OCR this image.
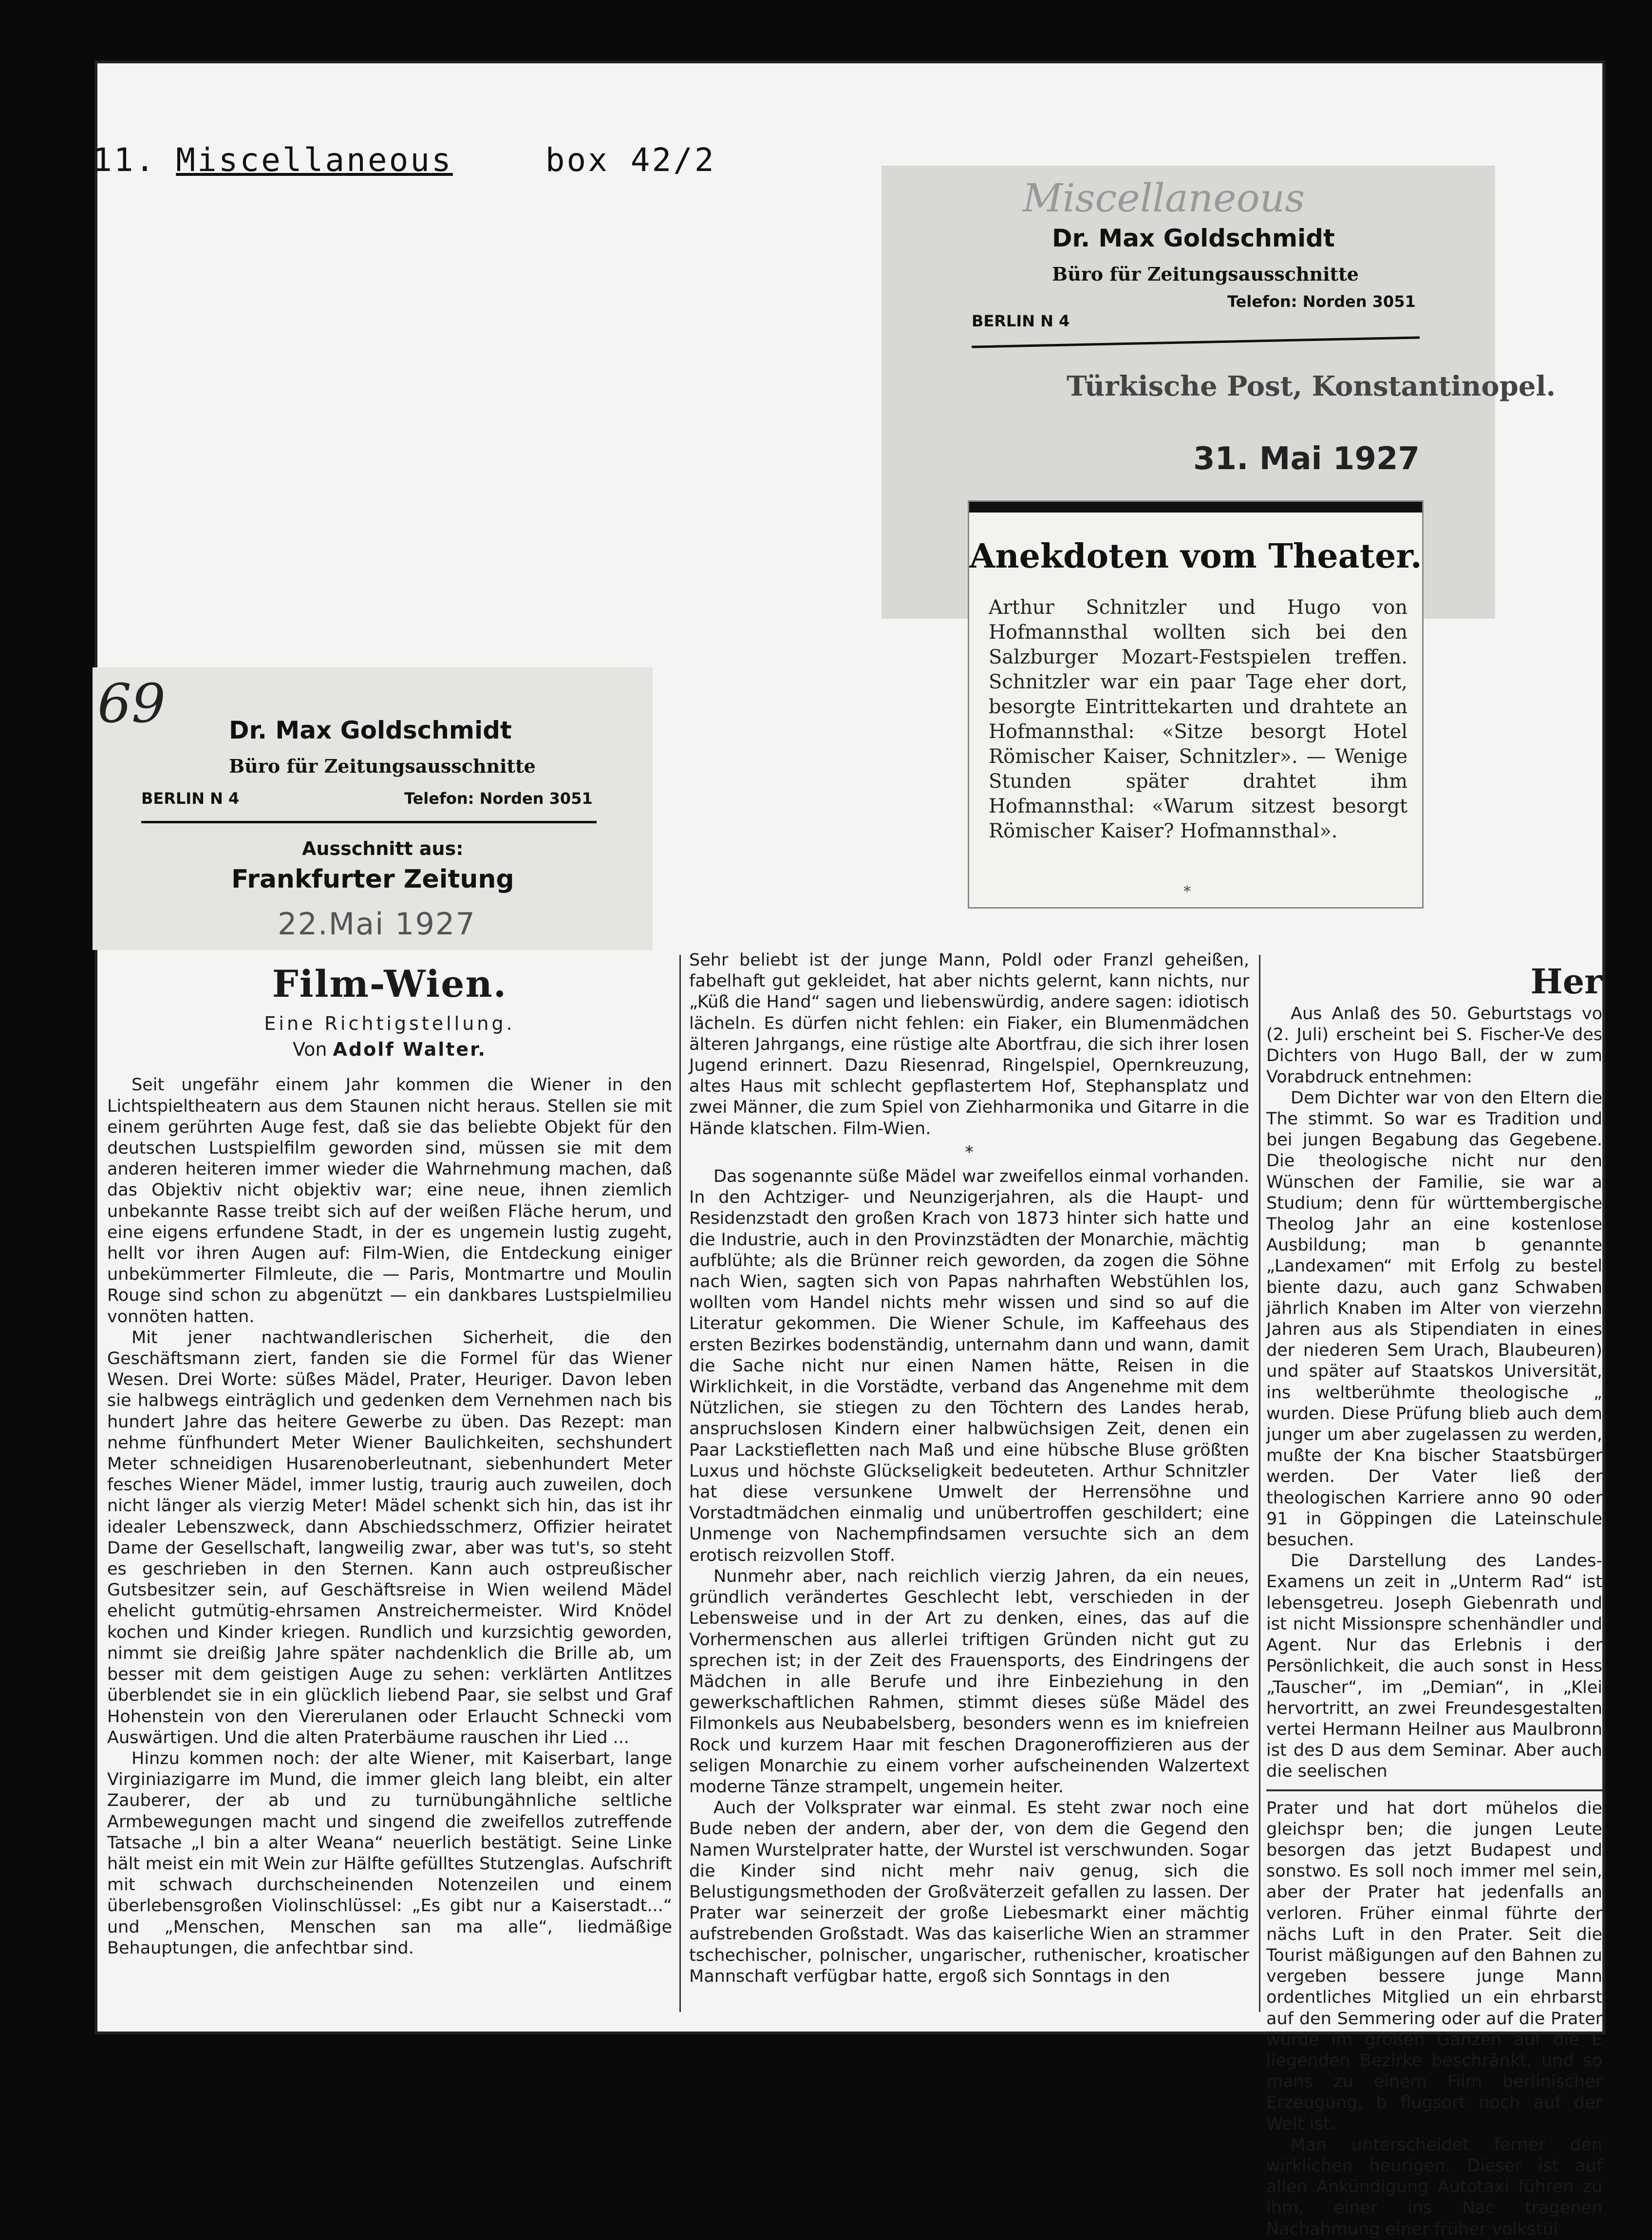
11. Miscellaneous	box 42/2
Miscellaneous
Dr. Max Goldschmidt
Büro für Zeitungsausschnitte
BERLIN N 4
Telefon: Norden 3051
Türkische Post, Konstantinopel.
31. Mai 1927
Anekdoten vom Theater.

Arthur Schnitzler und Hugo von Hofmannsthal wollten sich bei den Salzburger Mozart-Festspielen treffen. Schnitzler war ein paar Tage eher dort, besorgte Eintrittekarten und drahtete an Hofmannsthal: «Sitze besorgt Hotel Römischer Kaiser, Schnitzler». — Wenige Stunden später drahtet ihm Hofmannsthal: «Warum sitzest besorgt Römischer Kaiser? Hofmannsthal».

*
69	Dr. Max Goldschmidt
Büro für Zeitungsausschnitte
BERLIN N 4	Telefon: Norden 3051
Ausschnitt aus:
Frankfurter Zeitung
22.Mai 1927
Film-Wien.
Eine Richtigstellung.
Von Adolf Walter.

Seit ungefähr einem Jahr kommen die Wiener in den Lichtspieltheatern aus dem Staunen nicht heraus. Stellen sie mit einem gerührten Auge fest, daß sie das beliebte Objekt für den deutschen Lustspielfilm geworden sind, müssen sie mit dem anderen heiteren immer wieder die Wahrnehmung machen, daß das Objektiv nicht objektiv war; eine neue, ihnen ziemlich unbekannte Rasse treibt sich auf der weißen Fläche herum, und eine eigens erfundene Stadt, in der es ungemein lustig zugeht, hellt vor ihren Augen auf: Film-Wien, die Entdeckung einiger unbekümmerter Filmleute, die — Paris, Montmartre und Moulin Rouge sind schon zu abgenützt — ein dankbares Lustspielmilieu vonnöten hatten.

Mit jener nachtwandlerischen Sicherheit, die den Geschäftsmann ziert, fanden sie die Formel für das Wiener Wesen. Drei Worte: süßes Mädel, Prater, Heuriger. Davon leben sie halbwegs einträglich und gedenken dem Vernehmen nach bis hundert Jahre das heitere Gewerbe zu üben. Das Rezept: man nehme fünfhundert Meter Wiener Baulichkeiten, sechshundert Meter schneidigen Husarenoberleutnant, siebenhundert Meter fesches Wiener Mädel, immer lustig, traurig auch zuweilen, doch nicht länger als vierzig Meter! Mädel schenkt sich hin, das ist ihr idealer Lebenszweck, dann Abschiedsschmerz, Offizier heiratet Dame der Gesellschaft, langweilig zwar, aber was tut's, so steht es geschrieben in den Sternen. Kann auch ostpreußischer Gutsbesitzer sein, auf Geschäftsreise in Wien weilend Mädel ehelicht gutmütig-ehrsamen Anstreichermeister. Wird Knödel kochen und Kinder kriegen. Rundlich und kurzsichtig geworden, nimmt sie dreißig Jahre später nachdenklich die Brille ab, um besser mit dem geistigen Auge zu sehen: verklärten Antlitzes überblendet sie in ein glücklich liebend Paar, sie selbst und Graf Hohenstein von den Viererulanen oder Erlaucht Schnecki vom Auswärtigen. Und die alten Praterbäume rauschen ihr Lied ...

Hinzu kommen noch: der alte Wiener, mit Kaiserbart, lange Virginiazigarre im Mund, die immer gleich lang bleibt, ein alter Zauberer, der ab und zu turnübungähnliche seltliche Armbewegungen macht und singend die zweifellos zutreffende Tatsache „I bin a alter Weana“ neuerlich bestätigt. Seine Linke hält meist ein mit Wein zur Hälfte gefülltes Stutzenglas. Aufschrift mit schwach durchscheinenden Notenzeilen und einem überlebensgroßen Violinschlüssel: „Es gibt nur a Kaiserstadt...“ und „Menschen, Menschen san ma alle“, liedmäßige Behauptungen, die anfechtbar sind.

Sehr beliebt ist der junge Mann, Poldl oder Franzl geheißen, fabelhaft gut gekleidet, hat aber nichts gelernt, kann nichts, nur „Küß die Hand“ sagen und liebenswürdig, andere sagen: idiotisch lächeln. Es dürfen nicht fehlen: ein Fiaker, ein Blumenmädchen älteren Jahrgangs, eine rüstige alte Abortfrau, die sich ihrer losen Jugend erinnert. Dazu Riesenrad, Ringelspiel, Opernkreuzung, altes Haus mit schlecht gepflastertem Hof, Stephansplatz und zwei Männer, die zum Spiel von Ziehharmonika und Gitarre in die Hände klatschen. Film-Wien.

*

Das sogenannte süße Mädel war zweifellos einmal vorhanden. In den Achtziger- und Neunzigerjahren, als die Haupt- und Residenzstadt den großen Krach von 1873 hinter sich hatte und die Industrie, auch in den Provinzstädten der Monarchie, mächtig aufblühte; als die Brünner reich geworden, da zogen die Söhne nach Wien, sagten sich von Papas nahrhaften Webstühlen los, wollten vom Handel nichts mehr wissen und sind so auf die Literatur gekommen. Die Wiener Schule, im Kaffeehaus des ersten Bezirkes bodenständig, unternahm dann und wann, damit die Sache nicht nur einen Namen hätte, Reisen in die Wirklichkeit, in die Vorstädte, verband das Angenehme mit dem Nützlichen, sie stiegen zu den Töchtern des Landes herab, anspruchslosen Kindern einer halbwüchsigen Zeit, denen ein Paar Lackstiefletten nach Maß und eine hübsche Bluse größten Luxus und höchste Glückseligkeit bedeuteten. Arthur Schnitzler hat diese versunkene Umwelt der Herrensöhne und Vorstadtmädchen einmalig und unübertroffen geschildert; eine Unmenge von Nachempfindsamen versuchte sich an dem erotisch reizvollen Stoff.

Nunmehr aber, nach reichlich vierzig Jahren, da ein neues, gründlich verändertes Geschlecht lebt, verschieden in der Lebensweise und in der Art zu denken, eines, das auf die Vorhermenschen aus allerlei triftigen Gründen nicht gut zu sprechen ist; in der Zeit des Frauensports, des Eindringens der Mädchen in alle Berufe und ihre Einbeziehung in den gewerkschaftlichen Rahmen, stimmt dieses süße Mädel des Filmonkels aus Neubabelsberg, besonders wenn es im kniefreien Rock und kurzem Haar mit feschen Dragoneroffizieren aus der seligen Monarchie zu einem vorher aufscheinenden Walzertext moderne Tänze strampelt, ungemein heiter.

Auch der Volksprater war einmal. Es steht zwar noch eine Bude neben der andern, aber der, von dem die Gegend den Namen Wurstelprater hatte, der Wurstel ist verschwunden. Sogar die Kinder sind nicht mehr naiv genug, sich die Belustigungsmethoden der Großväterzeit gefallen zu lassen. Der Prater war seinerzeit der große Liebesmarkt einer mächtig aufstrebenden Großstadt. Was das kaiserliche Wien an strammer tschechischer, polnischer, ungarischer, ruthenischer, kroatischer Mannschaft verfügbar hatte, ergoß sich Sonntags in den

Her

Aus Anlaß des 50. Geburtstags vo (2. Juli) erscheint bei S. Fischer-Ve des Dichters von Hugo Ball, der w zum Vorabdruck entnehmen:

Dem Dichter war von den Eltern die The stimmt. So war es Tradition und bei jungen Begabung das Gegebene. Die theologische nicht nur den Wünschen der Familie, sie war a Studium; denn für württembergische Theolog Jahr an eine kostenlose Ausbildung; man b genannte „Landexamen“ mit Erfolg zu bestel biente dazu, auch ganz Schwaben jährlich Knaben im Alter von vierzehn Jahren aus als Stipendiaten in eines der niederen Sem Urach, Blaubeuren) und später auf Staatskos Universität, ins weltberühmte theologische „ wurden. Diese Prüfung blieb auch dem junger um aber zugelassen zu werden, mußte der Kna bischer Staatsbürger werden. Der Vater ließ der theologischen Karriere anno 90 oder 91 in Göppingen die Lateinschule besuchen.

Die Darstellung des Landes-Examens un zeit in „Unterm Rad“ ist lebensgetreu. Joseph Giebenrath und ist nicht Missionspre schenhändler und Agent. Nur das Erlebnis i der Persönlichkeit, die auch sonst in Hess „Tauscher“, im „Demian“, in „Klei hervortritt, an zwei Freundesgestalten vertei Hermann Heilner aus Maulbronn ist des D aus dem Seminar. Aber auch die seelischen

Prater und hat dort mühelos die gleichspr ben; die jungen Leute besorgen das jetzt Budapest und sonstwo. Es soll noch immer mel sein, aber der Prater hat jedenfalls an verloren. Früher einmal führte der nächs Luft in den Prater. Seit die Tourist mäßigungen auf den Bahnen zu vergeben bessere junge Mann ordentliches Mitglied un ein ehrbarst auf den Semmering oder auf die Prater wurde im großen Ganzen auf die E liegenden Bezirke beschränkt, und so mans zu einem Film berlinischer Erzeugung, b flugsort noch auf der Welt ist.

Man unterscheidet ferner den wirklichen heurigen. Dieser ist auf allen Ankündigung Autotaxi führen zu ihm, einer ins Nac tragenen Nachahmung einer früher volkstüi
